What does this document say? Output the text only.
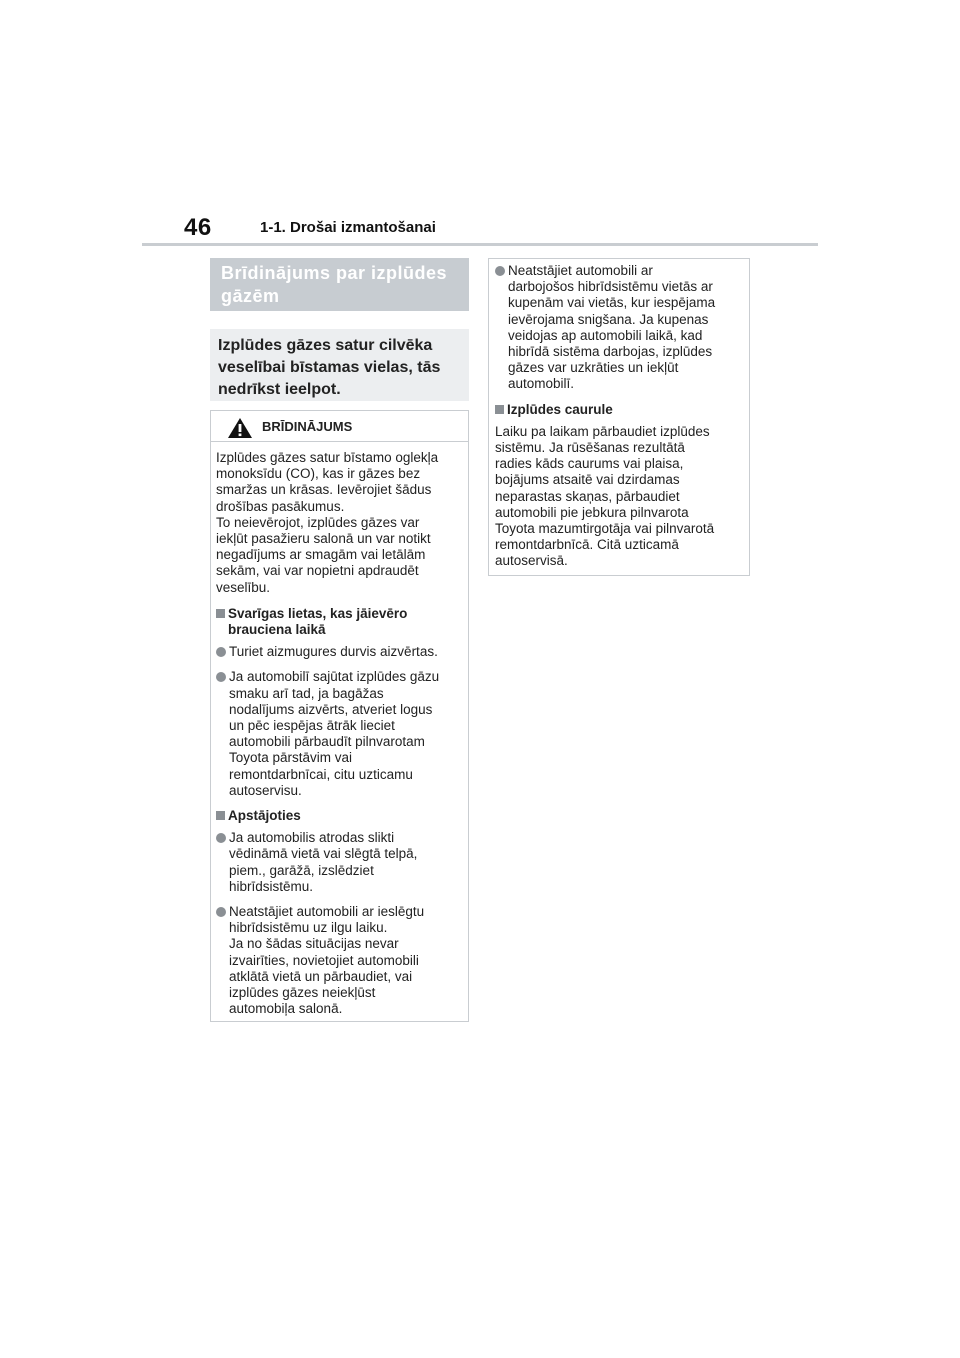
46	1-1. Drošai izmantošanai
Brīdinājums par izplūdes
gāzēm
Izplūdes gāzes satur cilvēka
veselībai bīstamas vielas, tās
nedrīkst ieelpot.
BRĪDINĀJUMS
Izplūdes gāzes satur bīstamo oglekļa
monoksīdu (CO), kas ir gāzes bez
smaržas un krāsas. Ievērojiet šādus
drošības pasākumus.
To neievērojot, izplūdes gāzes var
iekļūt pasažieru salonā un var notikt
negadījums ar smagām vai letālām
sekām, vai var nopietni apdraudēt
veselību.
Svarīgas lietas, kas jāievēro
brauciena laikā
Turiet aizmugures durvis aizvērtas.
Ja automobilī sajūtat izplūdes gāzu
smaku arī tad, ja bagāžas
nodalījums aizvērts, atveriet logus
un pēc iespējas ātrāk lieciet
automobili pārbaudīt pilnvarotam
Toyota pārstāvim vai
remontdarbnīcai, citu uzticamu
autoservisu.
Apstājoties
Ja automobilis atrodas slikti
vēdināmā vietā vai slēgtā telpā,
piem., garāžā, izslēdziet
hibrīdsistēmu.
Neatstājiet automobili ar ieslēgtu
hibrīdsistēmu uz ilgu laiku.
Ja no šādas situācijas nevar
izvairīties, novietojiet automobili
atklātā vietā un pārbaudiet, vai
izplūdes gāzes neiekļūst
automobiļa salonā.
Neatstājiet automobili ar
darbojošos hibrīdsistēmu vietās ar
kupenām vai vietās, kur iespējama
ievērojama snigšana. Ja kupenas
veidojas ap automobili laikā, kad
hibrīdā sistēma darbojas, izplūdes
gāzes var uzkrāties un iekļūt
automobilī.
Izplūdes caurule
Laiku pa laikam pārbaudiet izplūdes
sistēmu. Ja rūsēšanas rezultātā
radies kāds caurums vai plaisa,
bojājums atsaitē vai dzirdamas
neparastas skaņas, pārbaudiet
automobili pie jebkura pilnvarota
Toyota mazumtirgotāja vai pilnvarotā
remontdarbnīcā. Citā uzticamā
autoservisā.
